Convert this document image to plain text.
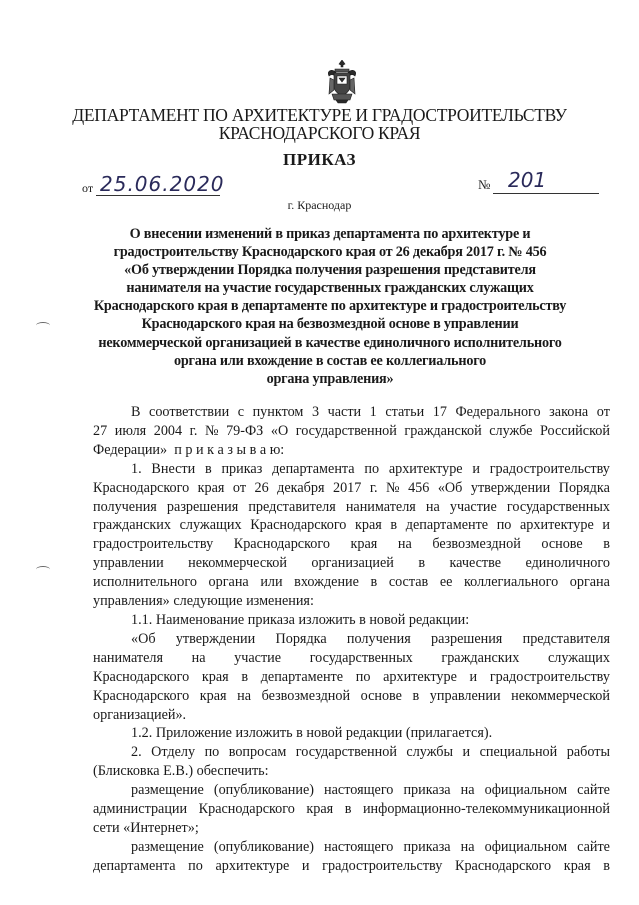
ДЕПАРТАМЕНТ ПО АРХИТЕКТУРЕ И ГРАДОСТРОИТЕЛЬСТВУ
КРАСНОДАРСКОГО КРАЯ
ПРИКАЗ
от 25.06.2020	№ 201
г. Краснодар
О внесении изменений в приказ департамента по архитектуре и
градостроительству Краснодарского края от 26 декабря 2017 г. № 456
«Об утверждении Порядка получения разрешения представителя
нанимателя на участие государственных гражданских служащих
Краснодарского края в департаменте по архитектуре и градостроительству
Краснодарского края на безвозмездной основе в управлении
некоммерческой организацией в качестве единоличного исполнительного
органа или вхождение в состав ее коллегиального
органа управления»
В соответствии с пунктом 3 части 1 статьи 17 Федерального закона от
27 июля 2004 г. № 79-ФЗ «О государственной гражданской службе Российской
Федерации»  п р и к а з ы в а ю:
1. Внести в приказ департамента по архитектуре и градостроительству
Краснодарского края от 26 декабря 2017 г. № 456 «Об утверждении Порядка
получения разрешения представителя нанимателя на участие государственных
гражданских служащих Краснодарского края в департаменте по архитектуре и
градостроительству Краснодарского края на безвозмездной основе в
управлении некоммерческой организацией в качестве единоличного
исполнительного органа или вхождение в состав ее коллегиального органа
управления» следующие изменения:
1.1. Наименование приказа изложить в новой редакции:
«Об утверждении Порядка получения разрешения представителя
нанимателя на участие государственных гражданских служащих
Краснодарского края в департаменте по архитектуре и градостроительству
Краснодарского края на безвозмездной основе в управлении некоммерческой
организацией».
1.2. Приложение изложить в новой редакции (прилагается).
2. Отделу по вопросам государственной службы и специальной работы
(Блисковка Е.В.) обеспечить:
размещение (опубликование) настоящего приказа на официальном сайте
администрации Краснодарского края в информационно-телекоммуникационной
сети «Интернет»;
размещение (опубликование) настоящего приказа на официальном сайте
департамента по архитектуре и градостроительству Краснодарского края в
